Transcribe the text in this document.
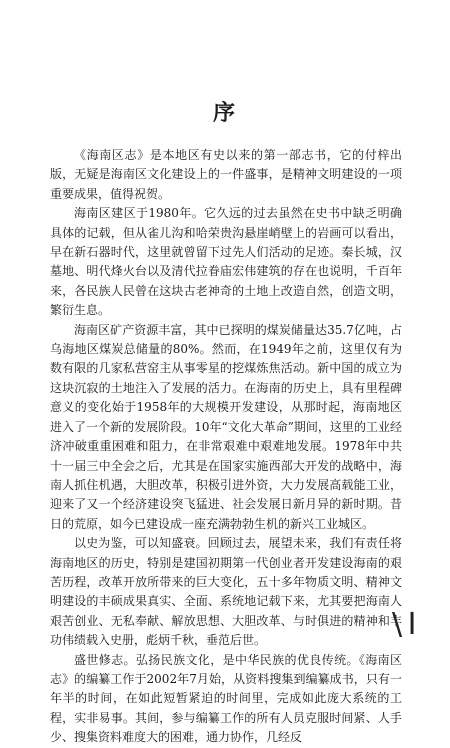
序

《海南区志》是本地区有史以来的第一部志书，它的付梓出版，无疑是海南区文化建设上的一件盛事，是精神文明建设的一项重要成果，值得祝贺。

海南区建区于1980年。它久远的过去虽然在史书中缺乏明确具体的记载，但从雀儿沟和哈荣贵沟悬崖峭壁上的岩画可以看出，早在新石器时代，这里就曾留下过先人们活动的足迹。秦长城，汉墓地、明代烽火台以及清代拉眷庙宏伟建筑的存在也说明，千百年来，各民族人民曾在这块古老神奇的土地上改造自然，创造文明，繁衍生息。

海南区矿产资源丰富，其中已探明的煤炭储量达35.7亿吨，占乌海地区煤炭总储量的80%。然而，在1949年之前，这里仅有为数有限的几家私营窑主从事零星的挖煤炼焦活动。新中国的成立为这块沉寂的土地注入了发展的活力。在海南的历史上，具有里程碑意义的变化始于1958年的大规模开发建设，从那时起，海南地区进入了一个新的发展阶段。10年“文化大革命”期间，这里的工业经济冲破重重困难和阻力，在非常艰难中艰难地发展。1978年中共十一届三中全会之后，尤其是在国家实施西部大开发的战略中，海南人抓住机遇，大胆改革，积极引进外资，大力发展高载能工业，迎来了又一个经济建设突飞猛进、社会发展日新月异的新时期。昔日的荒原，如今已建设成一座充满勃勃生机的新兴工业城区。

以史为鉴，可以知盛衰。回顾过去，展望未来，我们有责任将海南地区的历史，特别是建国初期第一代创业者开发建设海南的艰苦历程，改革开放所带来的巨大变化，五十多年物质文明、精神文明建设的丰硕成果真实、全面、系统地记载下来，尤其要把海南人艰苦创业、无私奉献、解放思想、大胆改革、与时俱进的精神和丰功伟绩载入史册，彪炳千秋，垂范后世。

盛世修志。弘扬民族文化，是中华民族的优良传统。《海南区志》的编纂工作于2002年7月始，从资料搜集到编纂成书，只有一年半的时间，在如此短暂紧迫的时间里，完成如此庞大系统的工程，实非易事。其间，参与编纂工作的所有人员克服时间紧、人手少、搜集资料难度大的困难，通力协作，几经反

\ I
